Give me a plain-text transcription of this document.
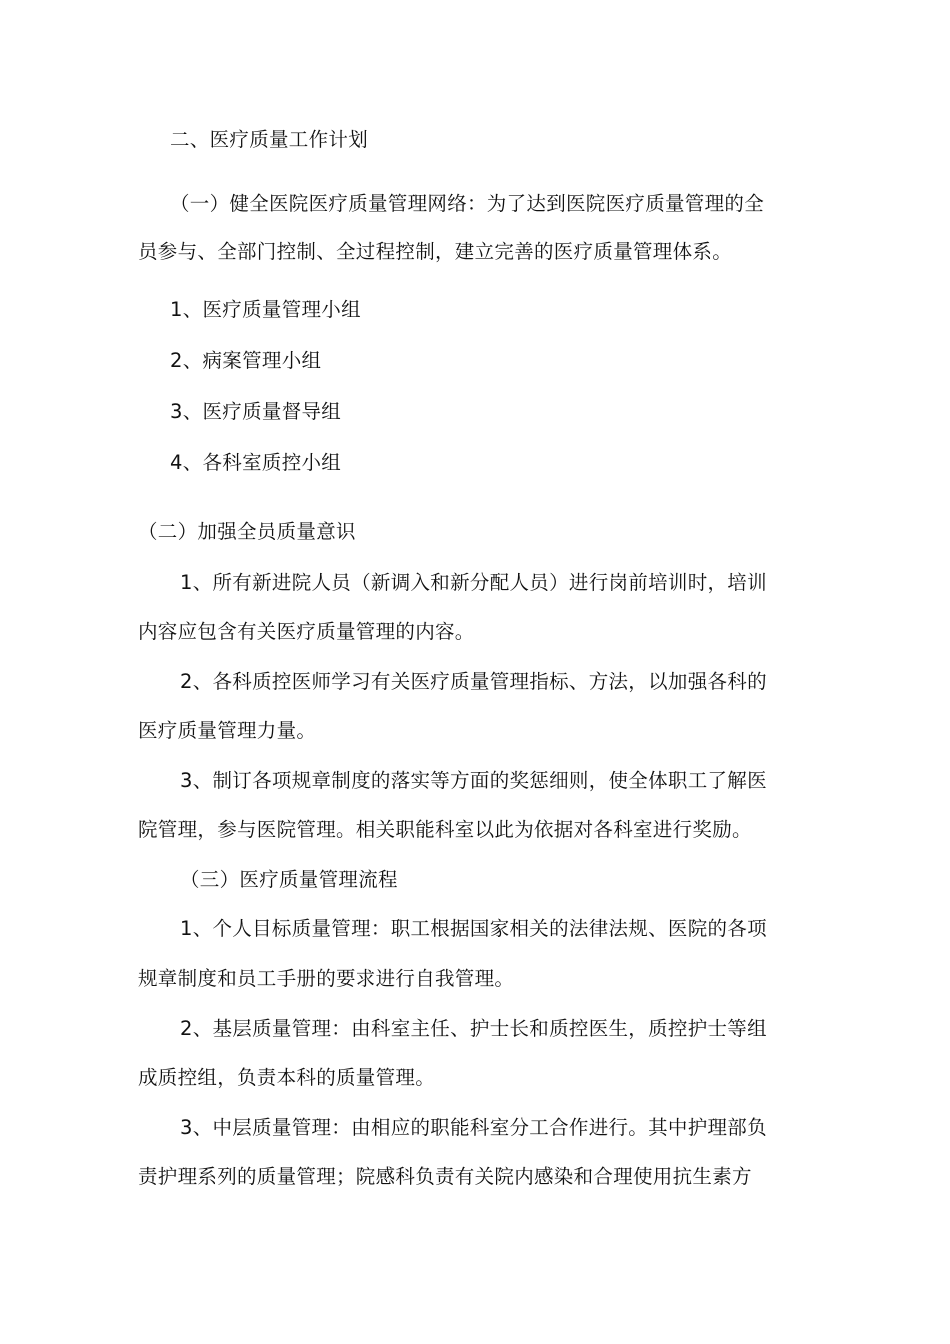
二、医疗质量工作计划
（一）健全医院医疗质量管理网络：为了达到医院医疗质量管理的全
员参与、全部门控制、全过程控制，建立完善的医疗质量管理体系。
1、医疗质量管理小组
2、病案管理小组
3、医疗质量督导组
4、各科室质控小组
（二）加强全员质量意识
1、所有新进院人员（新调入和新分配人员）进行岗前培训时，培训
内容应包含有关医疗质量管理的内容。
2、各科质控医师学习有关医疗质量管理指标、方法，以加强各科的
医疗质量管理力量。
3、制订各项规章制度的落实等方面的奖惩细则，使全体职工了解医
院管理，参与医院管理。相关职能科室以此为依据对各科室进行奖励。
（三）医疗质量管理流程
1、个人目标质量管理：职工根据国家相关的法律法规、医院的各项
规章制度和员工手册的要求进行自我管理。
2、基层质量管理：由科室主任、护士长和质控医生，质控护士等组
成质控组，负责本科的质量管理。
3、中层质量管理：由相应的职能科室分工合作进行。其中护理部负
责护理系列的质量管理；院感科负责有关院内感染和合理使用抗生素方
